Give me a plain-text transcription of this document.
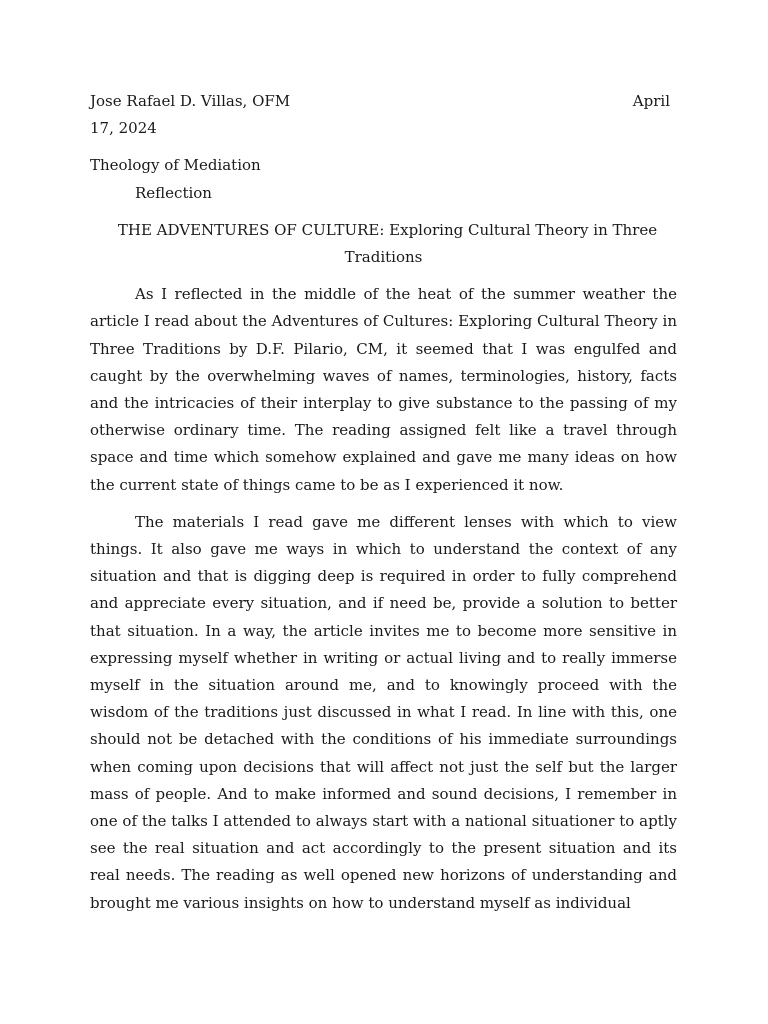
Jose Rafael D. Villas, OFM	April
17, 2024
Theology of Mediation
Reflection
THE ADVENTURES OF CULTURE: Exploring Cultural Theory in Three
Traditions

As I reflected in the middle of the heat of the summer weather the article I read about the Adventures of Cultures: Exploring Cultural Theory in Three Traditions by D.F. Pilario, CM, it seemed that I was engulfed and caught by the overwhelming waves of names, terminologies, history, facts and the intricacies of their interplay to give substance to the passing of my otherwise ordinary time. The reading assigned felt like a travel through space and time which somehow explained and gave me many ideas on how the current state of things came to be as I experienced it now.

The materials I read gave me different lenses with which to view things. It also gave me ways in which to understand the context of any situation and that is digging deep is required in order to fully comprehend and appreciate every situation, and if need be, provide a solution to better that situation. In a way, the article invites me to become more sensitive in expressing myself whether in writing or actual living and to really immerse myself in the situation around me, and to knowingly proceed with the wisdom of the traditions just discussed in what I read. In line with this, one should not be detached with the conditions of his immediate surroundings when coming upon decisions that will affect not just the self but the larger mass of people. And to make informed and sound decisions, I remember in one of the talks I attended to always start with a national situationer to aptly see the real situation and act accordingly to the present situation and its real needs. The reading as well opened new horizons of understanding and brought me various insights on how to understand myself as individual
